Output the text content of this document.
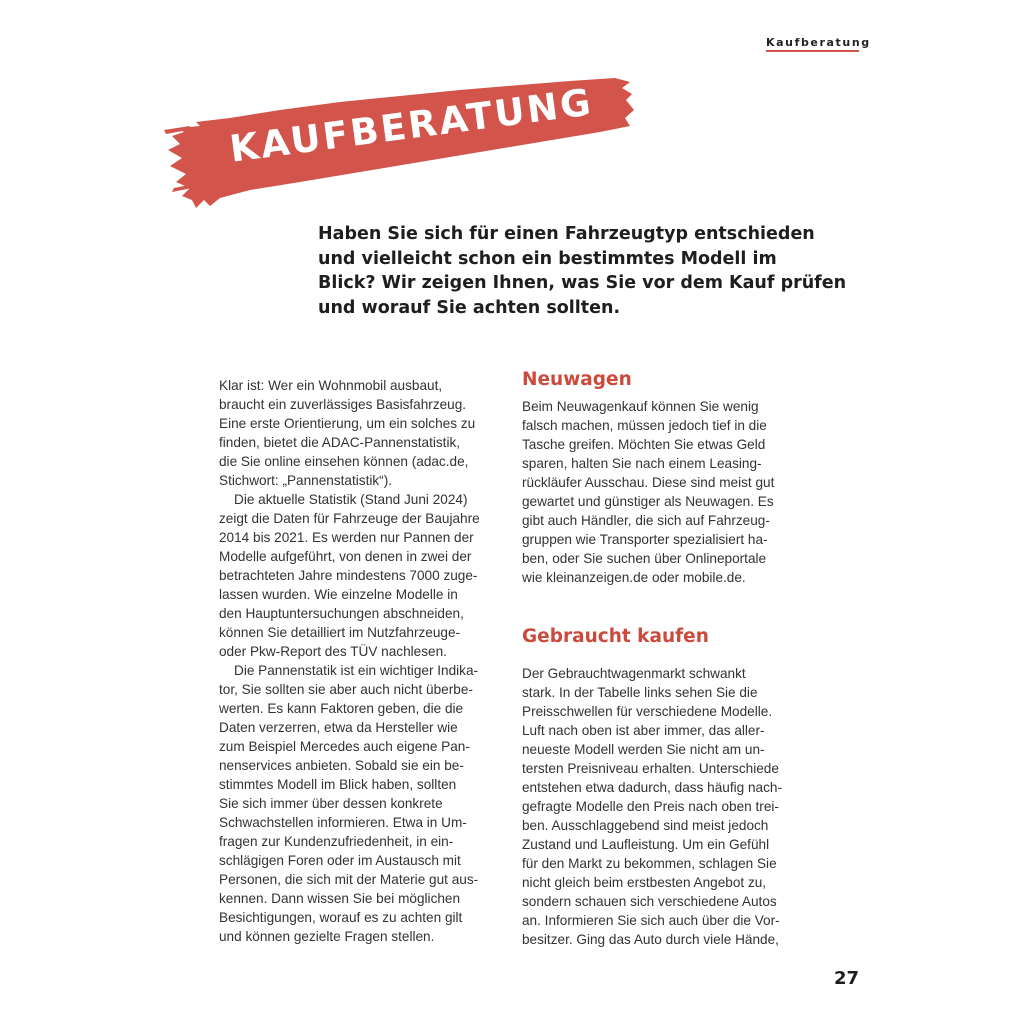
Kaufberatung
KAUFBERATUNG
Haben Sie sich für einen Fahrzeugtyp entschieden
und vielleicht schon ein bestimmtes Modell im
Blick? Wir zeigen Ihnen, was Sie vor dem Kauf prüfen
und worauf Sie achten sollten.
Klar ist: Wer ein Wohnmobil ausbaut,
braucht ein zuverlässiges Basisfahrzeug.
Eine erste Orientierung, um ein solches zu
finden, bietet die ADAC-Pannenstatistik,
die Sie online einsehen können (adac.de,
Stichwort: „Pannenstatistik“).
Die aktuelle Statistik (Stand Juni 2024)
zeigt die Daten für Fahrzeuge der Baujahre
2014 bis 2021. Es werden nur Pannen der
Modelle aufgeführt, von denen in zwei der
betrachteten Jahre mindestens 7000 zuge-
lassen wurden. Wie einzelne Modelle in
den Hauptuntersuchungen abschneiden,
können Sie detailliert im Nutzfahrzeuge-
oder Pkw-Report des TÜV nachlesen.
Die Pannenstatik ist ein wichtiger Indika-
tor, Sie sollten sie aber auch nicht überbe-
werten. Es kann Faktoren geben, die die
Daten verzerren, etwa da Hersteller wie
zum Beispiel Mercedes auch eigene Pan-
nenservices anbieten. Sobald sie ein be-
stimmtes Modell im Blick haben, sollten
Sie sich immer über dessen konkrete
Schwachstellen informieren. Etwa in Um-
fragen zur Kundenzufriedenheit, in ein-
schlägigen Foren oder im Austausch mit
Personen, die sich mit der Materie gut aus-
kennen. Dann wissen Sie bei möglichen
Besichtigungen, worauf es zu achten gilt
und können gezielte Fragen stellen.
Neuwagen
Beim Neuwagenkauf können Sie wenig
falsch machen, müssen jedoch tief in die
Tasche greifen. Möchten Sie etwas Geld
sparen, halten Sie nach einem Leasing-
rückläufer Ausschau. Diese sind meist gut
gewartet und günstiger als Neuwagen. Es
gibt auch Händler, die sich auf Fahrzeug-
gruppen wie Transporter spezialisiert ha-
ben, oder Sie suchen über Onlineportale
wie kleinanzeigen.de oder mobile.de.
Gebraucht kaufen
Der Gebrauchtwagenmarkt schwankt
stark. In der Tabelle links sehen Sie die
Preisschwellen für verschiedene Modelle.
Luft nach oben ist aber immer, das aller-
neueste Modell werden Sie nicht am un-
tersten Preisniveau erhalten. Unterschiede
entstehen etwa dadurch, dass häufig nach-
gefragte Modelle den Preis nach oben trei-
ben. Ausschlaggebend sind meist jedoch
Zustand und Laufleistung. Um ein Gefühl
für den Markt zu bekommen, schlagen Sie
nicht gleich beim erstbesten Angebot zu,
sondern schauen sich verschiedene Autos
an. Informieren Sie sich auch über die Vor-
besitzer. Ging das Auto durch viele Hände,
27
